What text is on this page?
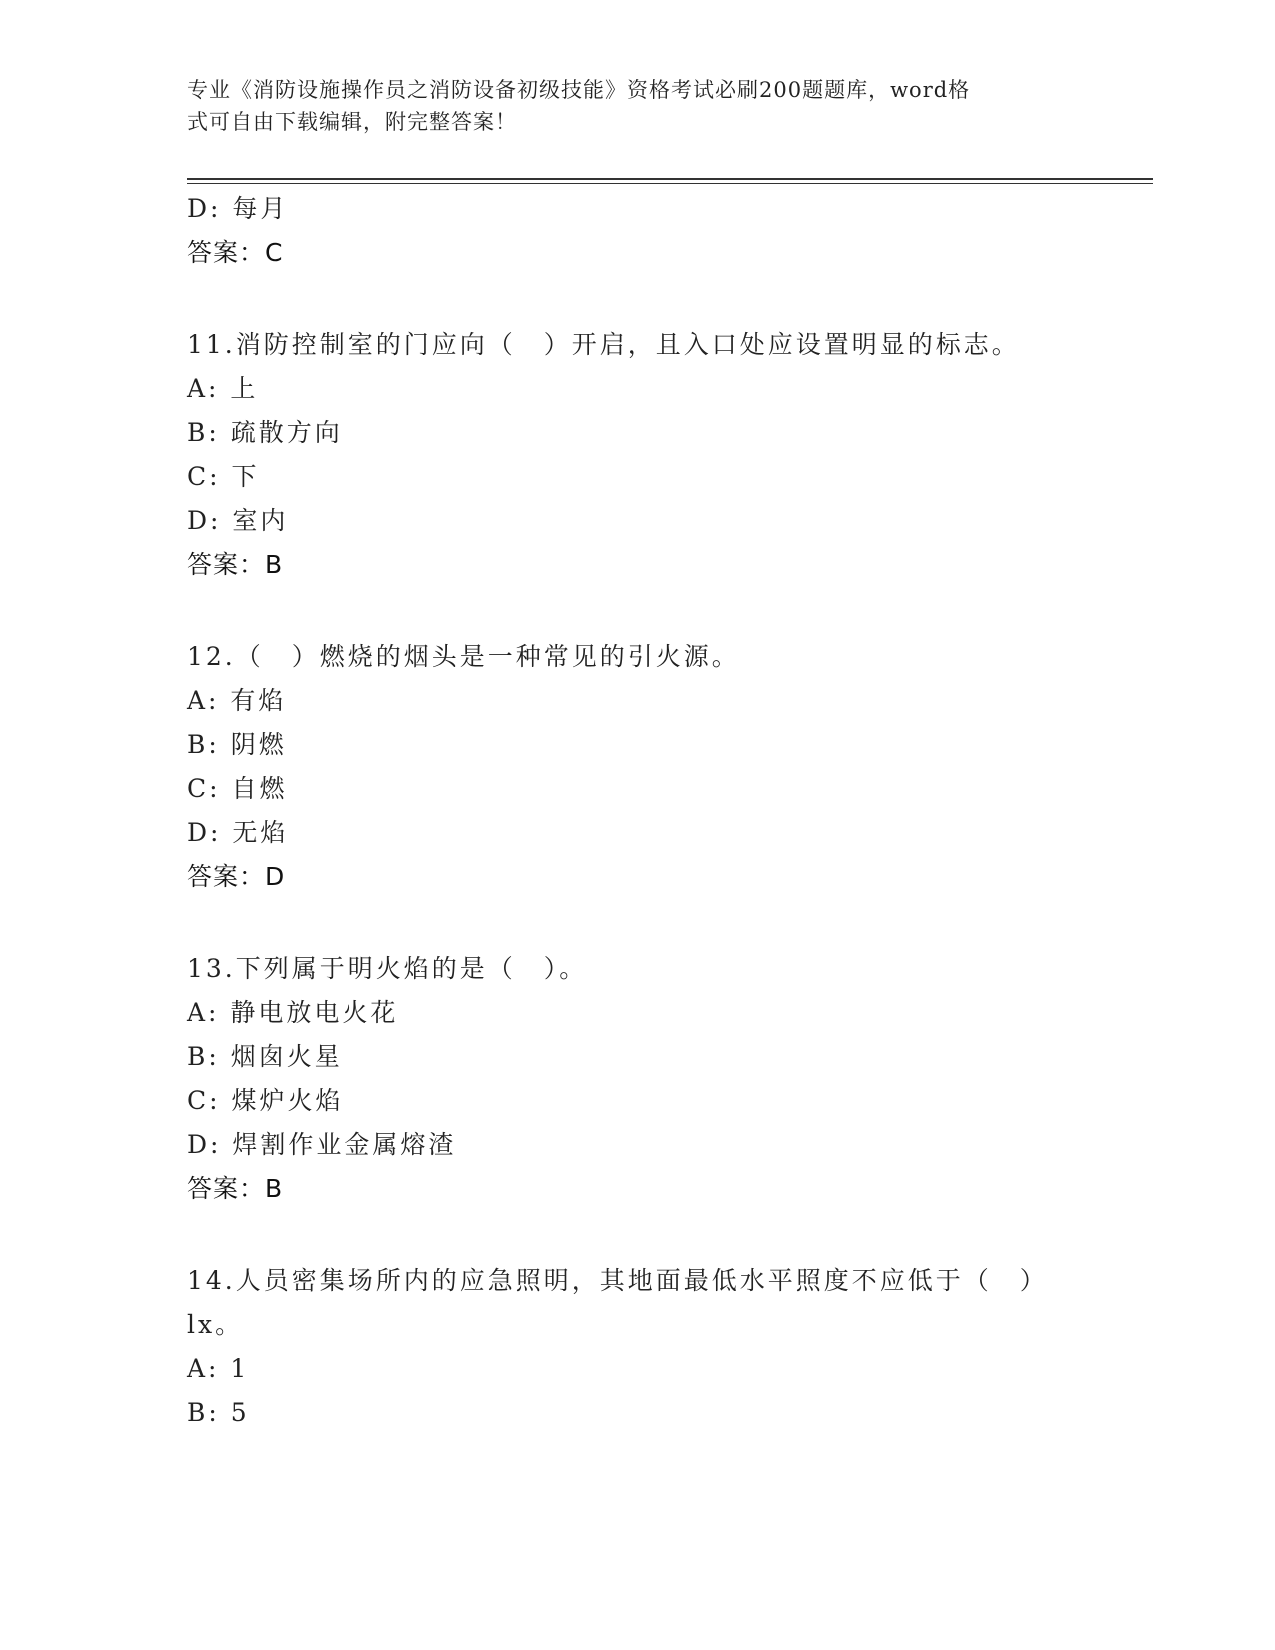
专业《消防设施操作员之消防设备初级技能》资格考试必刷200题题库，word格
式可自由下载编辑，附完整答案！
D: 每月
答案：C
11.消防控制室的门应向（　）开启，且入口处应设置明显的标志。
A: 上
B: 疏散方向
C: 下
D: 室内
答案：B
12.（　）燃烧的烟头是一种常见的引火源。
A: 有焰
B: 阴燃
C: 自燃
D: 无焰
答案：D
13.下列属于明火焰的是（　）。
A: 静电放电火花
B: 烟囱火星
C: 煤炉火焰
D: 焊割作业金属熔渣
答案：B
14.人员密集场所内的应急照明，其地面最低水平照度不应低于（　）
lx。
A: 1
B: 5
